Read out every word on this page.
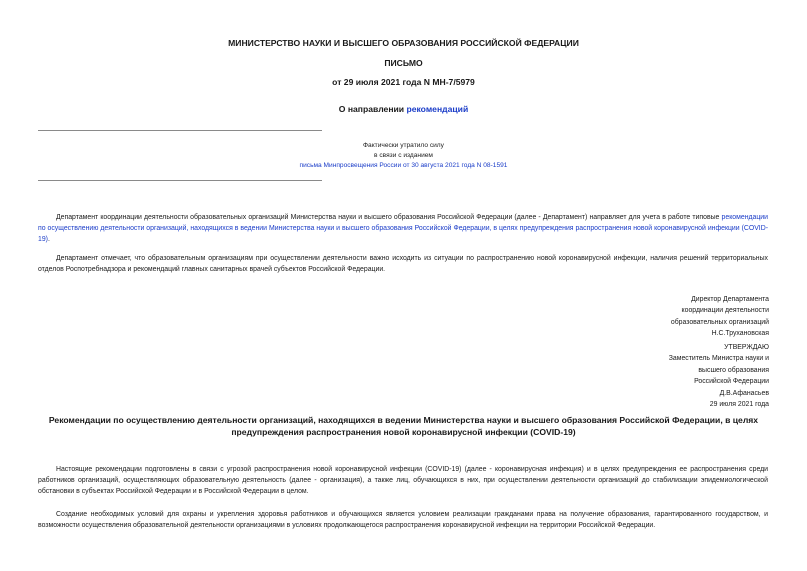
МИНИСТЕРСТВО НАУКИ И ВЫСШЕГО ОБРАЗОВАНИЯ РОССИЙСКОЙ ФЕДЕРАЦИИ
ПИСЬМО
от 29 июля 2021 года N МН-7/5979
О направлении рекомендаций
Фактически утратило силу
в связи с изданием
письма Минпросвещения России от 30 августа 2021 года N 08-1591
Департамент координации деятельности образовательных организаций Министерства науки и высшего образования Российской Федерации (далее - Департамент) направляет для учета в работе типовые рекомендации по осуществлению деятельности организаций, находящихся в ведении Министерства науки и высшего образования Российской Федерации, в целях предупреждения распространения новой коронавирусной инфекции (COVID-19).
Департамент отмечает, что образовательным организациям при осуществлении деятельности важно исходить из ситуации по распространению новой коронавирусной инфекции, наличия решений территориальных отделов Роспотребнадзора и рекомендаций главных санитарных врачей субъектов Российской Федерации.
Директор Департамента
координации деятельности
образовательных организаций
Н.С.Трухановская
УТВЕРЖДАЮ
Заместитель Министра науки и
высшего образования
Российской Федерации
Д.В.Афанасьев
29 июля 2021 года
Рекомендации по осуществлению деятельности организаций, находящихся в ведении Министерства науки и высшего образования Российской Федерации, в целях предупреждения распространения новой коронавирусной инфекции (COVID-19)
Настоящие рекомендации подготовлены в связи с угрозой распространения новой коронавирусной инфекции (COVID-19) (далее - коронавирусная инфекция) и в целях предупреждения ее распространения среди работников организаций, осуществляющих образовательную деятельность (далее - организация), а также лиц, обучающихся в них, при осуществлении деятельности организаций до стабилизации эпидемиологической обстановки в субъектах Российской Федерации и в Российской Федерации в целом.
Создание необходимых условий для охраны и укрепления здоровья работников и обучающихся является условием реализации гражданами права на получение образования, гарантированного государством, и возможности осуществления образовательной деятельности организациями в условиях продолжающегося распространения коронавирусной инфекции на территории Российской Федерации.
